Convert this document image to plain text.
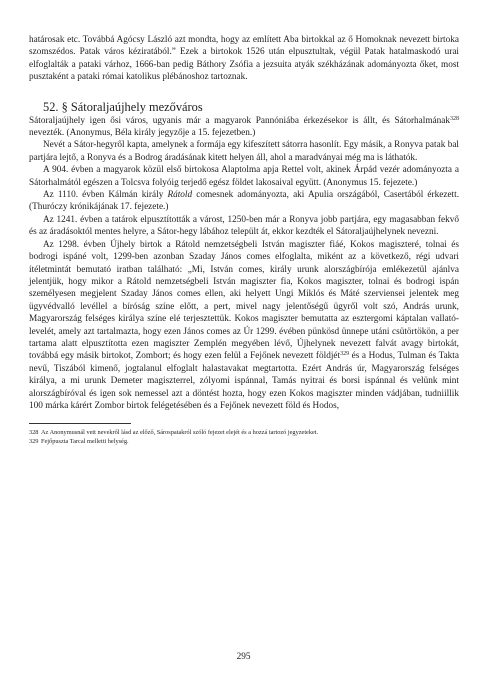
határosak etc. Továbbá Agócsy László azt mondta, hogy az említett Aba birtokkal az ő Homoknak nevezett birtoka szomszédos. Patak város kéziratából.” Ezek a birtokok 1526 után elpusztultak, végül Patak hatalmaskodó urai elfoglalták a pataki várhoz, 1666-ban pedig Báthory Zsófia a jezsuita atyák székházának adományozta őket, most pusztaként a pataki római katolikus plébánoshoz tartoznak.

52. § Sátoraljaújhely mezőváros

Sátoraljaújhely igen ősi város, ugyanis már a magyarok Pannóniába érkezésekor is állt, és Sátorhalmának$^{328}$ nevezték. (Anonymus, Béla király jegyzője a 15. fejezetben.)

Nevét a Sátor-hegyről kapta, amelynek a formája egy kifeszített sátorra hasonlít. Egy másik, a Ronyva patak bal partjára lejtő, a Ronyva és a Bodrog áradásának kitett helyen áll, ahol a maradványai még ma is láthatók.

A 904. évben a magyarok közül első birtokosa Alaptolma apja Rettel volt, akinek Árpád vezér adományozta a Sátorhalmától egészen a Tolcsva folyóig terjedő egész földet lakosaival együtt. (Anonymus 15. fejezete.)

Az 1110. évben Kálmán király Rátold comesnek adományozta, aki Apulia országából, Casertából érkezett. (Thuróczy krónikájának 17. fejezete.)

Az 1241. évben a tatárok elpusztították a várost, 1250-ben már a Ronyva jobb partjára, egy magasabban fekvő és az áradásoktól mentes helyre, a Sátor-hegy lábához települt át, ekkor kezdték el Sátoraljaújhelynek nevezni.

Az 1298. évben Újhely birtok a Rátold nemzetségbeli István magiszter fiáé, Kokos magiszteré, tolnai és bodrogi ispáné volt, 1299-ben azonban Szaday János comes elfoglalta, miként az a következő, régi udvari ítéletmintát bemutató iratban található: „Mi, István comes, király urunk alországbírója emlékezetül ajánlva jelentjük, hogy mikor a Rátold nemzetségbeli István magiszter fia, Kokos magiszter, tolnai és bodrogi ispán személyesen megjelent Szaday János comes ellen, aki helyett Ungi Miklós és Máté szerviensei jelentek meg ügyvédvalló levéllel a bíróság színe előtt, a pert, mivel nagy jelentőségű ügyről volt szó, András urunk, Magyarország felséges királya színe elé terjesztettük. Kokos magiszter bemutatta az esztergomi káptalan vallató-levelét, amely azt tartalmazta, hogy ezen János comes az Úr 1299. évében pünkösd ünnepe utáni csütörtökön, a per tartama alatt elpusztította ezen magiszter Zemplén megyében lévő, Újhelynek nevezett falvát avagy birtokát, továbbá egy másik birtokot, Zombort; és hogy ezen felül a Fejőnek nevezett földjét$^{329}$ és a Hodus, Tulman és Takta nevű, Tiszából kimenő, jogtalanul elfoglalt halastavakat megtartotta. Ezért András úr, Magyarország felséges királya, a mi urunk Demeter magiszterrel, zólyomi ispánnal, Tamás nyitrai és borsi ispánnal és velünk mint alországbíróval és igen sok nemessel azt a döntést hozta, hogy ezen Kokos magiszter minden vádjában, tudniillik 100 márka kárért Zombor birtok felégetésében és a Fejőnek nevezett föld és Hodos,

328 Az Anonymusnál vett nevekről lásd az előző, Sárospatakról szóló fejezet elejét és a hozzá tartozó jegyzeteket.

329 Fejőpuszta Tarcal melletti helység.

295
